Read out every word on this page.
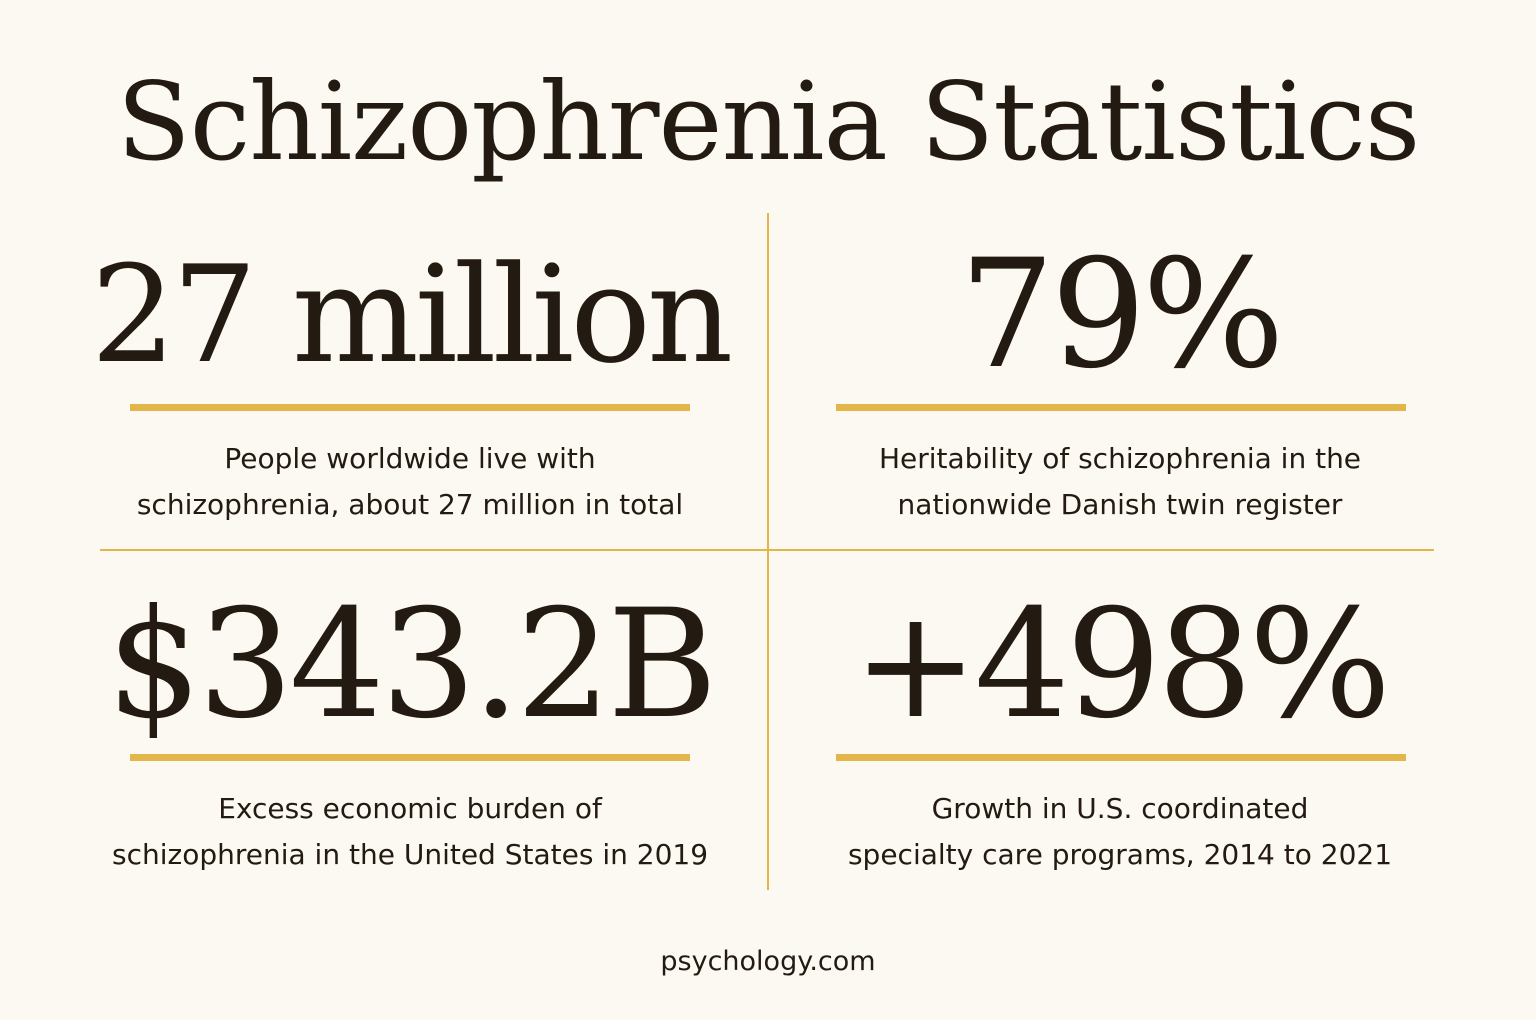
Schizophrenia Statistics
27 million
People worldwide live with
schizophrenia, about 27 million in total
79%
Heritability of schizophrenia in the
nationwide Danish twin register
$343.2B
Excess economic burden of
schizophrenia in the United States in 2019
+498%
Growth in U.S. coordinated
specialty care programs, 2014 to 2021
psychology.com
